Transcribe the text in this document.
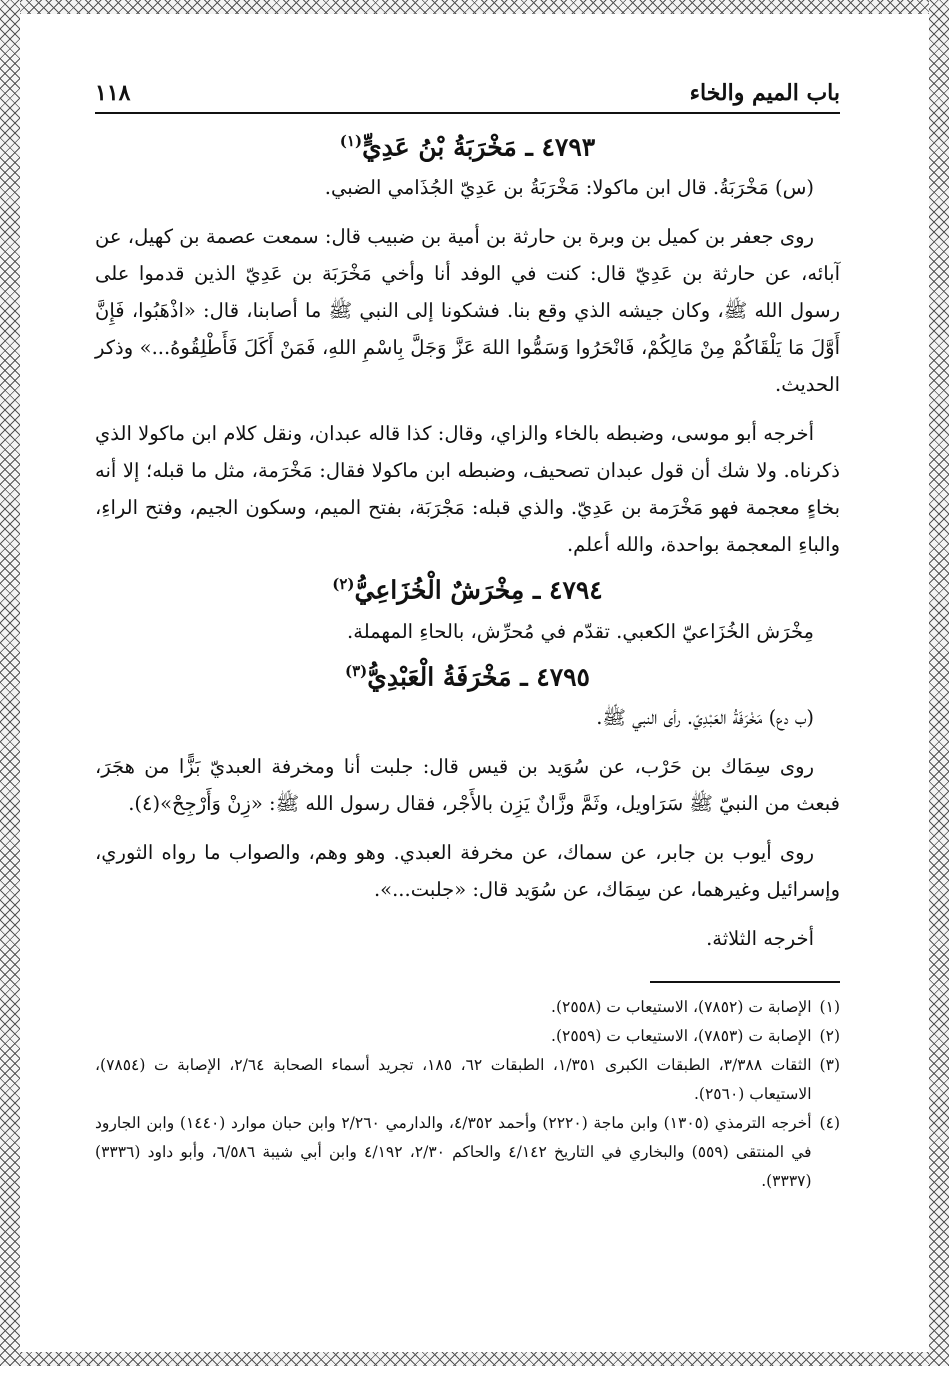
باب الميم والخاء
١١٨
٤٧٩٣ ـ مَخْرَبَةُ بْنُ عَدِيٍّ$^{(١)}$

(س) مَخْرَبَةُ. قال ابن ماكولا: مَخْرَبَةُ بن عَدِيّ الجُذَامي الضبي.

روى جعفر بن كميل بن وبرة بن حارثة بن أمية بن ضبيب قال: سمعت عصمة بن كهيل، عن آبائه، عن حارثة بن عَدِيّ قال: كنت في الوفد أنا وأخي مَخْرَبَة بن عَدِيّ الذين قدموا على رسول الله ﷺ، وكان جيشه الذي وقع بنا. فشكونا إلى النبي ﷺ ما أصابنا، قال: «اذْهَبُوا، فَإِنَّ أَوَّلَ مَا يَلْقَاكُمْ مِنْ مَالِكُمْ، فَانْحَرُوا وَسَمُّوا اللهَ عَزَّ وَجَلَّ بِاسْمِ اللهِ، فَمَنْ أَكَلَ فَأَطْلِقُوهُ...» وذكر الحديث.

أخرجه أبو موسى، وضبطه بالخاء والزاي، وقال: كذا قاله عبدان، ونقل كلام ابن ماكولا الذي ذكرناه. ولا شك أن قول عبدان تصحيف، وضبطه ابن ماكولا فقال: مَخْرَمة، مثل ما قبله؛ إلا أنه بخاءٍ معجمة فهو مَخْرَمة بن عَدِيّ. والذي قبله: مَجْرَبَة، بفتح الميم، وسكون الجيم، وفتح الراءِ، والباءِ المعجمة بواحدة، والله أعلم.

٤٧٩٤ ـ مِخْرَشٌ الْخُزَاعِيُّ$^{(٢)}$

مِخْرَش الخُزَاعيّ الكعبي. تقدّم في مُحرِّش، بالحاءِ المهملة.

٤٧٩٥ ـ مَخْرَفَةُ الْعَبْدِيُّ$^{(٣)}$

(ب دع) مَخْرَفَةُ العَبْدِيّ. رأى النبي ﷺ.

روى سِمَاك بن حَرْب، عن سُوَيد بن قيس قال: جلبت أنا ومخرفة العبديّ بَزًّا من هجَرَ، فبعث من النبيّ ﷺ سَرَاويل، وثَمَّ وزَّانٌ يَزِن بالأَجْر، فقال رسول الله ﷺ: «زِنْ وَأَرْجِحْ»(٤).

روى أيوب بن جابر، عن سماك، عن مخرفة العبدي. وهو وهم، والصواب ما رواه الثوري، وإسرائيل وغيرهما، عن سِمَاك، عن سُوَيد قال: «جلبت...».

أخرجه الثلاثة.

(١)
الإصابة ت (٧٨٥٢)، الاستيعاب ت (٢٥٥٨).
(٢)
الإصابة ت (٧٨٥٣)، الاستيعاب ت (٢٥٥٩).
(٣)
الثقات ٣/٣٨٨، الطبقات الكبرى ١/٣٥١، الطبقات ٦٢، ١٨٥، تجريد أسماء الصحابة ٢/٦٤، الإصابة ت (٧٨٥٤)، الاستيعاب (٢٥٦٠).
(٤)
أخرجه الترمذي (١٣٠٥) وابن ماجة (٢٢٢٠) وأحمد ٤/٣٥٢، والدارمي ٢/٢٦٠ وابن حبان موارد (١٤٤٠) وابن الجارود في المنتقى (٥٥٩) والبخاري في التاريخ ٤/١٤٢ والحاكم ٢/٣٠، ٤/١٩٢ وابن أبي شيبة ٦/٥٨٦، وأبو داود (٣٣٣٦) (٣٣٣٧).
